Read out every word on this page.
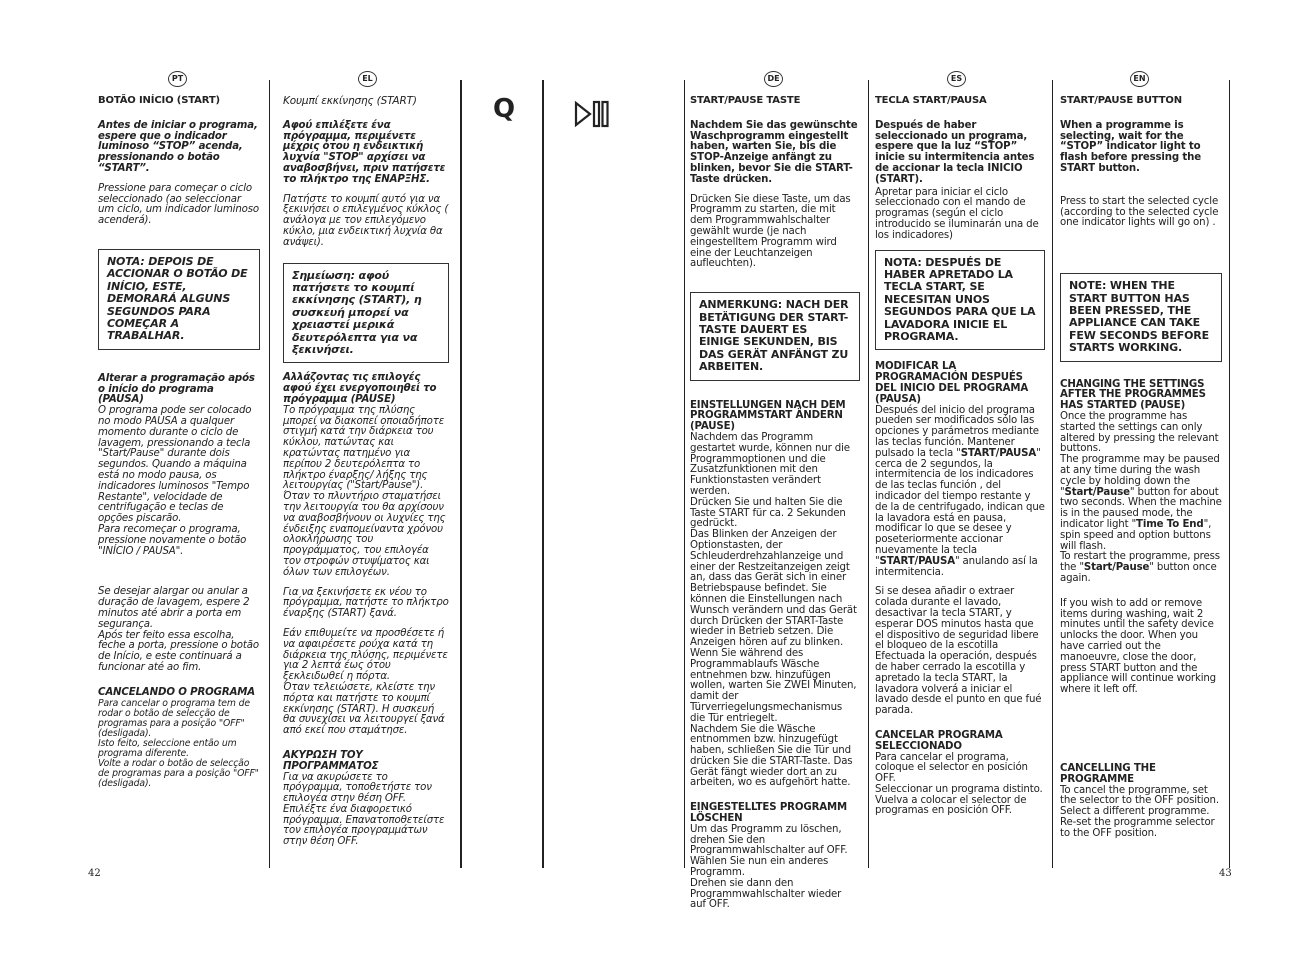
PT	EL	DE	ES	EN
Q

BOTÃO INÍCIO (START)

Antes de iniciar o programa, espere que o indicador luminoso “STOP” acenda, pressionando o botão “START”.

Pressione para começar o ciclo seleccionado (ao seleccionar um ciclo, um indicador luminoso acenderá).

NOTA: DEPOIS DE ACCIONAR O BOTÃO DE INÍCIO, ESTE, DEMORARÁ ALGUNS SEGUNDOS PARA COMEÇAR A TRABALHAR.

Alterar a programação após o início do programa (PAUSA)

O programa pode ser colocado no modo PAUSA a qualquer momento durante o ciclo de lavagem, pressionando a tecla "Start/Pause" durante dois segundos. Quando a máquina está no modo pausa, os indicadores luminosos "Tempo Restante", velocidade de centrifugação e teclas de opções piscarão.
Para recomeçar o programa, pressione novamente o botão "INÍCIO / PAUSA".

Se desejar alargar ou anular a duração de lavagem, espere 2 minutos até abrir a porta em segurança.
Após ter feito essa escolha, feche a porta, pressione o botão de Início, e este continuará a funcionar até ao fim.

CANCELANDO O PROGRAMA

Para cancelar o programa tem de rodar o botão de selecção de programas para a posição "OFF" (desligada).
Isto feito, seleccione então um programa diferente.
Volte a rodar o botão de selecção de programas para a posição "OFF" (desligada).

Κουμπί εκκίνησης (START)

Αφού επιλέξετε ένα πρόγραμμα, περιμένετε μέχρις ότου η ενδεικτική λυχνία "STOP" αρχίσει να αναβοσβήνει, πριν πατήσετε το πλήκτρο της ΕΝΑΡΞΗΣ.

Πατήστε το κουμπί αυτό για να ξεκινήσει ο επιλεγμένος κύκλος ( ανάλογα με τον επιλεγόμενο κύκλο, μια ενδεικτική λυχνία θα ανάψει).

Σημείωση: αφού πατήσετε το κουμπί εκκίνησης (START), η συσκευή μπορεί να χρειαστεί μερικά δευτερόλεπτα για να ξεκινήσει.

Αλλάζοντας τις επιλογές αφού έχει ενεργοποιηθεί το πρόγραμμα (PAUSE)

Το πρόγραμμα της πλύσης μπορεί να διακοπεί οποιαδήποτε στιγμή κατά την διάρκεια του κύκλου, πατώντας και κρατώντας πατημένο για περίπου 2 δευτερόλεπτα το πλήκτρο έναρξης/ λήξης της λειτουργίας ("Start/Pause"). Όταν το πλυντήριο σταματήσει την λειτουργία του θα αρχίσουν να αναβοσβήνουν οι λυχνίες της ένδειξης εναπομείναντα χρόνου ολοκλήρωσης του προγράμματος, του επιλογέα τον στροφών στυψίματος και όλων των επιλογέων.

Για να ξεκινήσετε εκ νέου το πρόγραμμα, πατήστε το πλήκτρο έναρξης (START) ξανά.

Εάν επιθυμείτε να προσθέσετε ή να αφαιρέσετε ρούχα κατά τη διάρκεια της πλύσης, περιμένετε για 2 λεπτά έως ότου ξεκλειδωθεί η πόρτα.
Όταν τελειώσετε, κλείστε την πόρτα και πατήστε το κουμπί εκκίνησης (START). Η συσκευή θα συνεχίσει να λειτουργεί ξανά από εκεί που σταμάτησε.

ΑΚΥΡΩΣΗ ΤΟΥ ΠΡΟΓΡΑΜΜΑΤΟΣ

Για να ακυρώσετε το πρόγραμμα, τοποθετήστε τον επιλογέα στην θέση OFF.
Επιλέξτε ένα διαφορετικό πρόγραμμα. Επανατοποθετείστε τον επιλογέα προγραμμάτων στην θέση OFF.

START/PAUSE TASTE

Nachdem Sie das gewünschte Waschprogramm eingestellt haben, warten Sie, bis die STOP-Anzeige anfängt zu blinken, bevor Sie die START-Taste drücken.

Drücken Sie diese Taste, um das Programm zu starten, die mit dem Programmwahlschalter gewählt wurde (je nach eingestelltem Programm wird eine der Leuchtanzeigen aufleuchten).

ANMERKUNG: NACH DER BETÄTIGUNG DER START-TASTE DAUERT ES EINIGE SEKUNDEN, BIS DAS GERÄT ANFÄNGT ZU ARBEITEN.

EINSTELLUNGEN NACH DEM PROGRAMMSTART ÄNDERN (PAUSE)

Nachdem das Programm gestartet wurde, können nur die Programmoptionen und die Zusatzfunktionen mit den Funktionstasten verändert werden.
Drücken Sie und halten Sie die Taste START für ca. 2 Sekunden gedrückt.
Das Blinken der Anzeigen der Optionstasten, der Schleuderdrehzahlanzeige und einer der Restzeitanzeigen zeigt an, dass das Gerät sich in einer Betriebspause befindet. Sie können die Einstellungen nach Wunsch verändern und das Gerät durch Drücken der START-Taste wieder in Betrieb setzen. Die Anzeigen hören auf zu blinken.
Wenn Sie während des Programmablaufs Wäsche entnehmen bzw. hinzufügen wollen, warten Sie ZWEI Minuten, damit der Türverriegelungsmechanismus die Tür entriegelt.
Nachdem Sie die Wäsche entnommen bzw. hinzugefügt haben, schließen Sie die Tür und drücken Sie die START-Taste. Das Gerät fängt wieder dort an zu arbeiten, wo es aufgehört hatte.

EINGESTELLTES PROGRAMM LÖSCHEN

Um das Programm zu löschen, drehen Sie den Programmwahlschalter auf OFF. Wählen Sie nun ein anderes Programm.
Drehen sie dann den Programmwahlschalter wieder auf OFF.

TECLA START/PAUSA

Después de haber seleccionado un programa, espere que la luz “STOP” inicie su intermitencia antes de accionar la tecla INICIO (START).

Apretar para iniciar el ciclo seleccionado con el mando de programas (según el ciclo introducido se iluminarán una de los indicadores)

NOTA: DESPUÉS DE HABER APRETADO LA TECLA START, SE NECESITAN UNOS SEGUNDOS PARA QUE LA LAVADORA INICIE EL PROGRAMA.

MODIFICAR LA PROGRAMACIÓN DESPUÉS DEL INICIO DEL PROGRAMA (PAUSA)

Después del inicio del programa pueden ser modificados sólo las opciones y parámetros mediante las teclas función. Mantener pulsado la tecla "START/PAUSA" cerca de 2 segundos, la intermitencia de los indicadores de las teclas función , del indicador del tiempo restante y de la de centrifugado, indican que la lavadora está en pausa, modificar lo que se desee y poseteriormente accionar nuevamente la tecla "START/PAUSA" anulando así la intermitencia.

Si se desea añadir o extraer colada durante el lavado, desactivar la tecla START, y esperar DOS minutos hasta que el dispositivo de seguridad libere el bloqueo de la escotilla Efectuada la operación, después de haber cerrado la escotilla y apretado la tecla START, la lavadora volverá a iniciar el lavado desde el punto en que fué parada.

CANCELAR PROGRAMA SELECCIONADO

Para cancelar el programa, coloque el selector en posición OFF.
Seleccionar un programa distinto. Vuelva a colocar el selector de programas en posición OFF.

START/PAUSE BUTTON

When a programme is selecting, wait for the “STOP” indicator light to flash before pressing the START button.

Press to start the selected cycle (according to the selected cycle one indicator lights will go on) .

NOTE: WHEN THE START BUTTON HAS BEEN PRESSED, THE APPLIANCE CAN TAKE FEW SECONDS BEFORE STARTS WORKING.

CHANGING THE SETTINGS AFTER THE PROGRAMMES HAS STARTED (PAUSE)

Once the programme has started the settings can only altered by pressing the relevant buttons.
The programme may be paused at any time during the wash cycle by holding down the "Start/Pause" button for about two seconds. When the machine is in the paused mode, the indicator light "Time To End", spin speed and option buttons will flash.
To restart the programme, press the "Start/Pause" button once again.

If you wish to add or remove items during washing, wait 2 minutes until the safety device unlocks the door. When you have carried out the manoeuvre, close the door, press START button and the appliance will continue working where it left off.

CANCELLING THE PROGRAMME

To cancel the programme, set the selector to the OFF position.
Select a different programme.
Re-set the programme selector to the OFF position.

42	43
